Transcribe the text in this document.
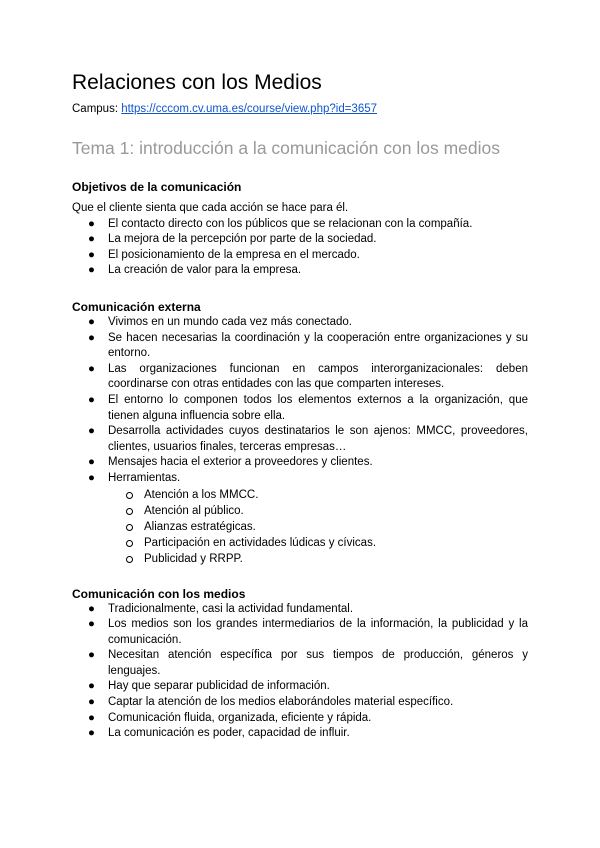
Relaciones con los Medios

Campus: https://cccom.cv.uma.es/course/view.php?id=3657

Tema 1: introducción a la comunicación con los medios
Objetivos de la comunicación

Que el cliente sienta que cada acción se hace para él.

● El contacto directo con los públicos que se relacionan con la compañía.
● La mejora de la percepción por parte de la sociedad.
● El posicionamiento de la empresa en el mercado.
● La creación de valor para la empresa.
Comunicación externa
● Vivimos en un mundo cada vez más conectado.
● Se hacen necesarias la coordinación y la cooperación entre organizaciones y su entorno.
● Las organizaciones funcionan en campos interorganizacionales: deben coordinarse con otras entidades con las que comparten intereses.
● El entorno lo componen todos los elementos externos a la organización, que tienen alguna influencia sobre ella.
● Desarrolla actividades cuyos destinatarios le son ajenos: MMCC, proveedores, clientes, usuarios finales, terceras empresas…
● Mensajes hacia el exterior a proveedores y clientes.
● Herramientas.
Atención a los MMCC.
Atención al público.
Alianzas estratégicas.
Participación en actividades lúdicas y cívicas.
Publicidad y RRPP.
Comunicación con los medios
● Tradicionalmente, casi la actividad fundamental.
● Los medios son los grandes intermediarios de la información, la publicidad y la comunicación.
● Necesitan atención específica por sus tiempos de producción, géneros y lenguajes.
● Hay que separar publicidad de información.
● Captar la atención de los medios elaborándoles material específico.
● Comunicación fluida, organizada, eficiente y rápida.
● La comunicación es poder, capacidad de influir.
